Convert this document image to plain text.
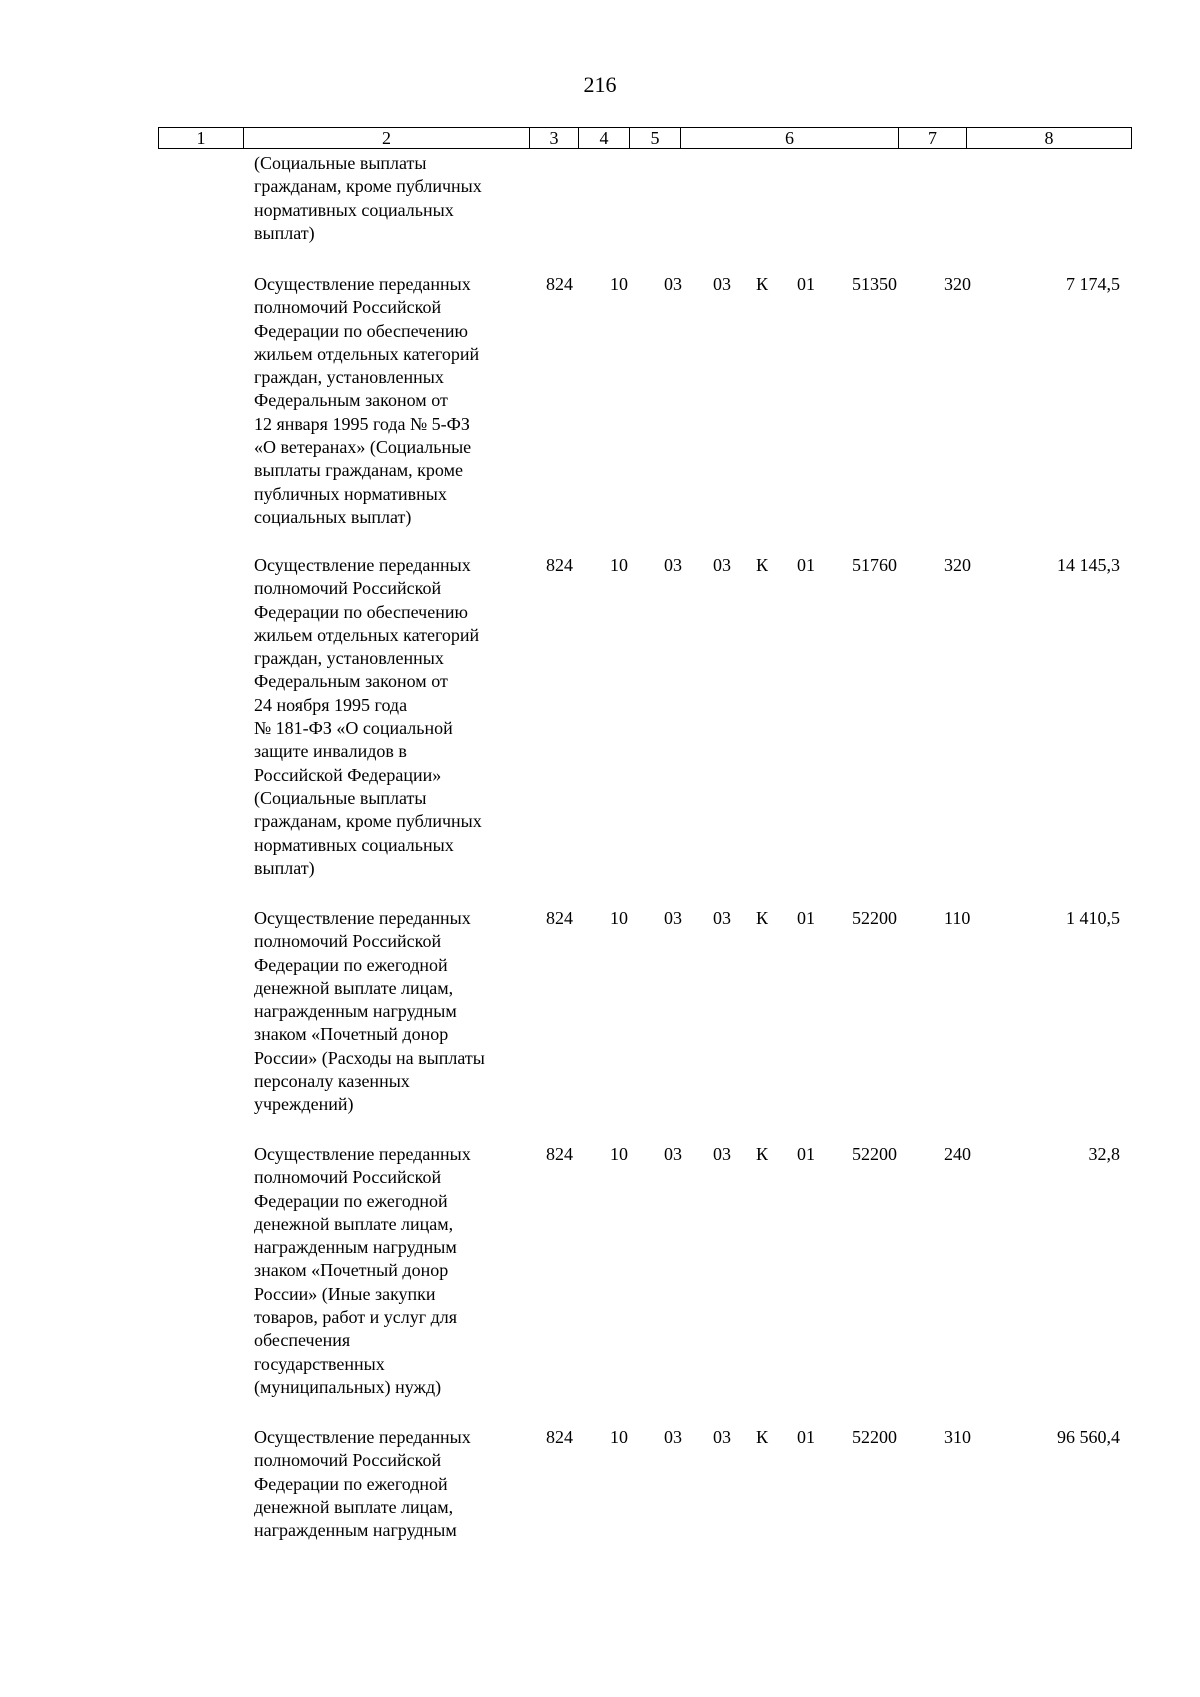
216
1	2	3	4	5	6	7	8
(Социальные выплаты
гражданам, кроме публичных
нормативных социальных
выплат)
Осуществление переданных
полномочий Российской
Федерации по обеспечению
жильем отдельных категорий
граждан, установленных
Федеральным законом от
12 января 1995 года № 5-ФЗ
«О ветеранах» (Социальные
выплаты гражданам, кроме
публичных нормативных
социальных выплат)
824 10 03 03 К 01 51350	320	7 174,5
Осуществление переданных
полномочий Российской
Федерации по обеспечению
жильем отдельных категорий
граждан, установленных
Федеральным законом от
24 ноября 1995 года
№ 181-ФЗ «О социальной
защите инвалидов в
Российской Федерации»
(Социальные выплаты
гражданам, кроме публичных
нормативных социальных
выплат)
824 10 03 03 К 01 51760	320	14 145,3
Осуществление переданных
полномочий Российской
Федерации по ежегодной
денежной выплате лицам,
награжденным нагрудным
знаком «Почетный донор
России» (Расходы на выплаты
персоналу казенных
учреждений)
824 10 03 03 К 01 52200	110	1 410,5
Осуществление переданных
полномочий Российской
Федерации по ежегодной
денежной выплате лицам,
награжденным нагрудным
знаком «Почетный донор
России» (Иные закупки
товаров, работ и услуг для
обеспечения
государственных
(муниципальных) нужд)
824 10 03 03 К 01 52200	240	32,8
Осуществление переданных
полномочий Российской
Федерации по ежегодной
денежной выплате лицам,
награжденным нагрудным
824 10 03 03 К 01 52200	310	96 560,4
